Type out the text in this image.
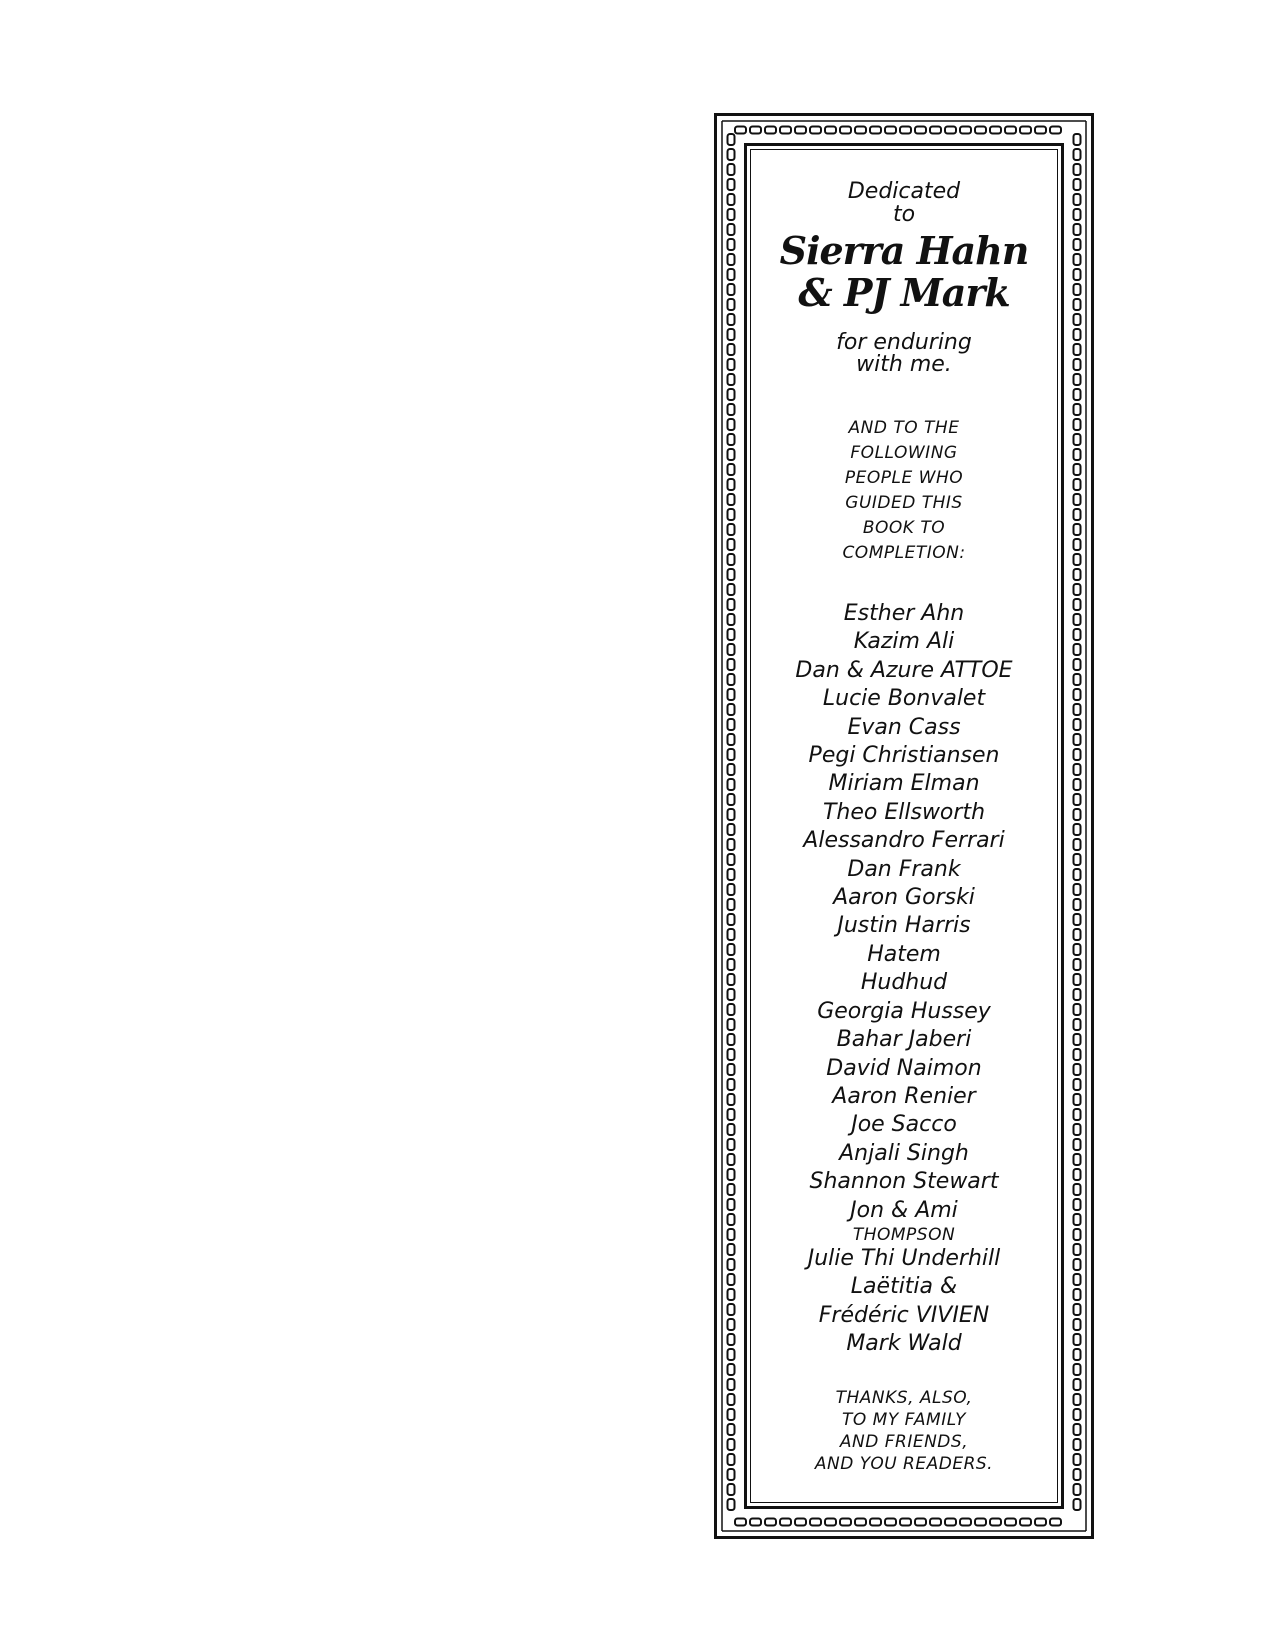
Dedicated

to

Sierra Hahn

& PJ Mark

for enduring

with me.

AND TO THE
FOLLOWING
PEOPLE WHO
GUIDED THIS
BOOK TO
COMPLETION:
Esther Ahn
Kazim Ali
Dan & Azure ATTOE
Lucie Bonvalet
Evan Cass
Pegi Christiansen
Miriam Elman
Theo Ellsworth
Alessandro Ferrari
Dan Frank
Aaron Gorski
Justin Harris
Hatem
Hudhud
Georgia Hussey
Bahar Jaberi
David Naimon
Aaron Renier
Joe Sacco
Anjali Singh
Shannon Stewart
Jon & Ami
THOMPSON
Julie Thi Underhill
Laëtitia &
Frédéric VIVIEN
Mark Wald
THANKS, ALSO,
TO MY FAMILY
AND FRIENDS,
AND YOU READERS.
